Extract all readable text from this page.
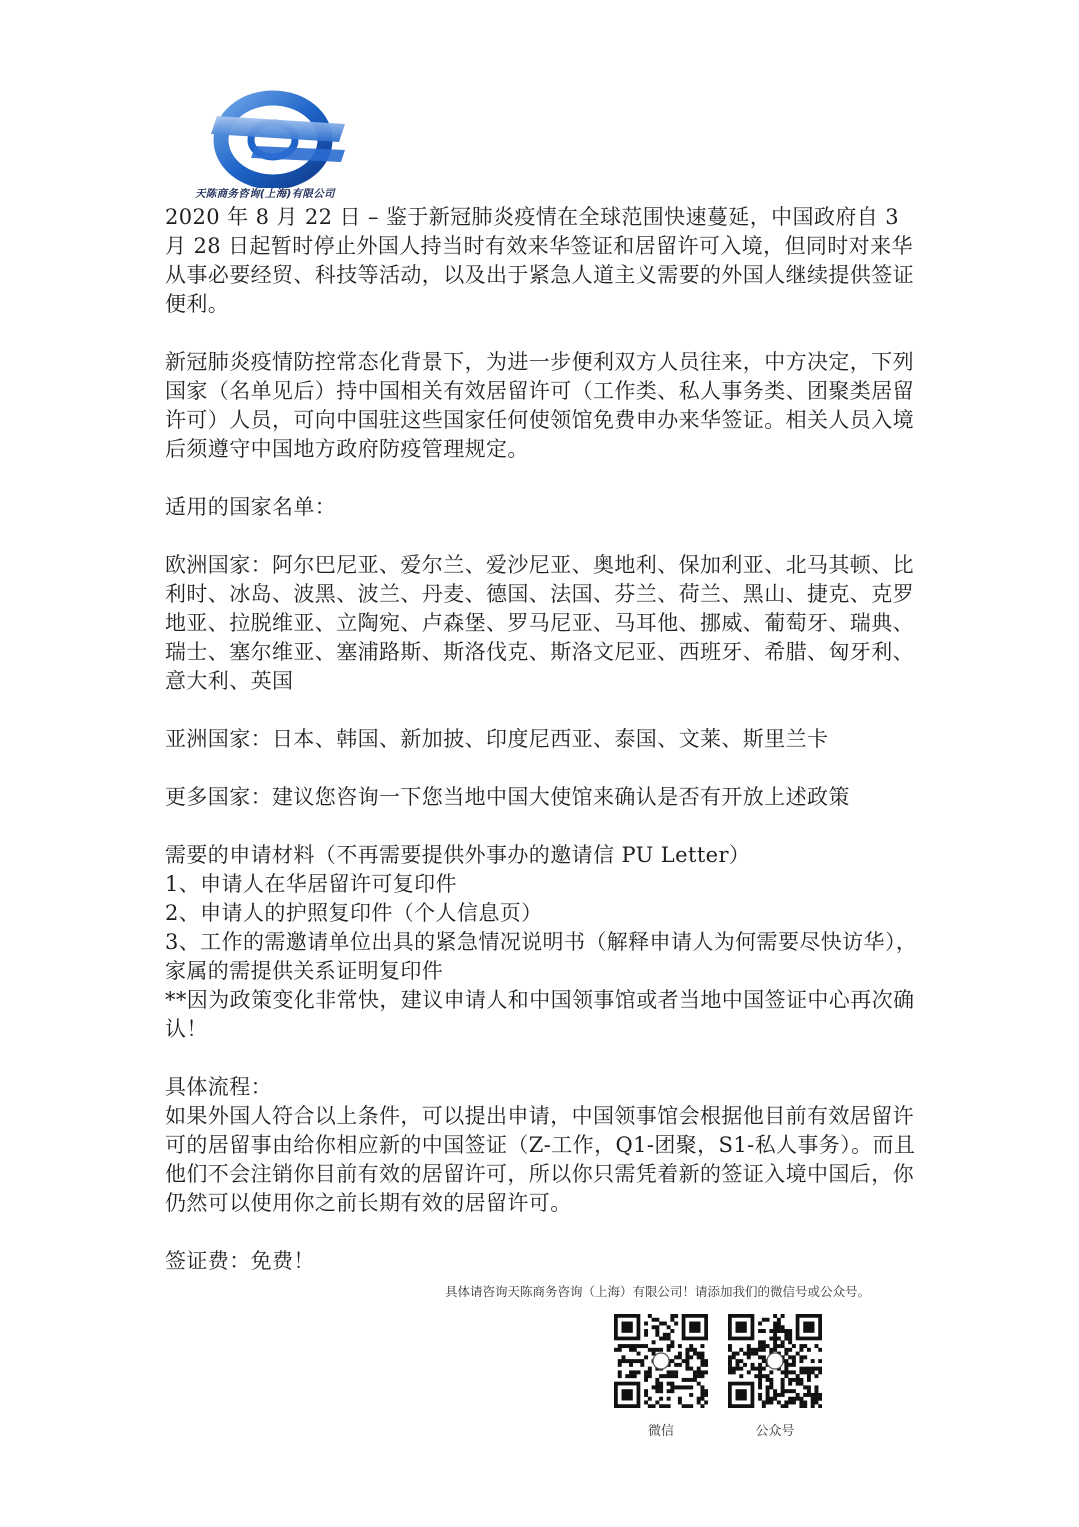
天陈商务咨询(上海)有限公司

2020 年 8 月 22 日 – 鉴于新冠肺炎疫情在全球范围快速蔓延，中国政府自 3 月 28 日起暂时停止外国人持当时有效来华签证和居留许可入境，但同时对来华从事必要经贸、科技等活动，以及出于紧急人道主义需要的外国人继续提供签证便利。

新冠肺炎疫情防控常态化背景下，为进一步便利双方人员往来，中方决定，下列国家（名单见后）持中国相关有效居留许可（工作类、私人事务类、团聚类居留许可）人员，可向中国驻这些国家任何使领馆免费申办来华签证。相关人员入境后须遵守中国地方政府防疫管理规定。

适用的国家名单：

欧洲国家：阿尔巴尼亚、爱尔兰、爱沙尼亚、奥地利、保加利亚、北马其顿、比利时、冰岛、波黑、波兰、丹麦、德国、法国、芬兰、荷兰、黑山、捷克、克罗地亚、拉脱维亚、立陶宛、卢森堡、罗马尼亚、马耳他、挪威、葡萄牙、瑞典、瑞士、塞尔维亚、塞浦路斯、斯洛伐克、斯洛文尼亚、西班牙、希腊、匈牙利、意大利、英国

亚洲国家：日本、韩国、新加披、印度尼西亚、泰国、文莱、斯里兰卡

更多国家：建议您咨询一下您当地中国大使馆来确认是否有开放上述政策

需要的申请材料（不再需要提供外事办的邀请信 PU Letter）

1、申请人在华居留许可复印件

2、申请人的护照复印件（个人信息页）

3、工作的需邀请单位出具的紧急情况说明书（解释申请人为何需要尽快访华），家属的需提供关系证明复印件

**因为政策变化非常快，建议申请人和中国领事馆或者当地中国签证中心再次确认！

具体流程：

如果外国人符合以上条件，可以提出申请，中国领事馆会根据他目前有效居留许可的居留事由给你相应新的中国签证（Z-工作，Q1-团聚，S1-私人事务）。而且他们不会注销你目前有效的居留许可，所以你只需凭着新的签证入境中国后，你仍然可以使用你之前长期有效的居留许可。

签证费：免费！

具体请咨询天陈商务咨询（上海）有限公司！请添加我们的微信号或公众号。
微信	公众号
